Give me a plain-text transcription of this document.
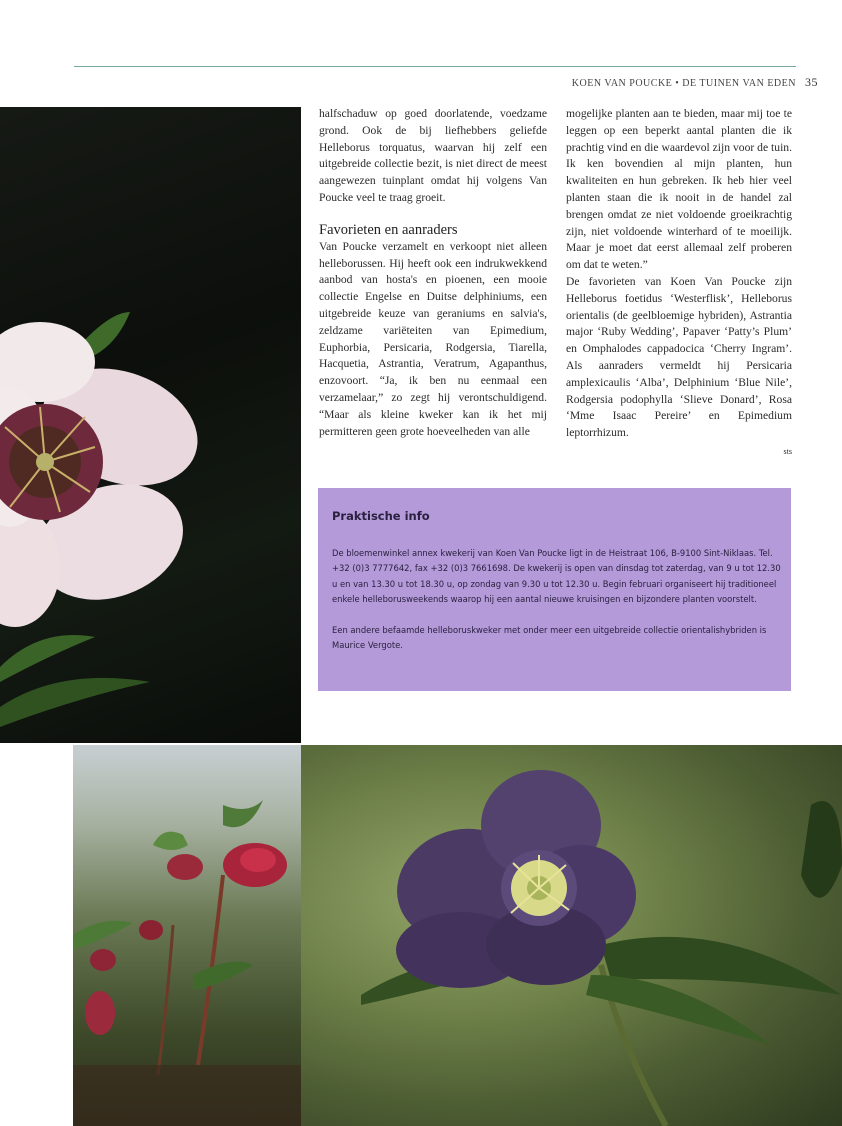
KOEN VAN POUCKE • DE TUINEN VAN EDEN 35

halfschaduw op goed doorlatende, voedzame grond. Ook de bij liefhebbers geliefde Helleborus torquatus, waarvan hij zelf een uitgebreide collectie bezit, is niet direct de meest aangewezen tuinplant omdat hij volgens Van Poucke veel te traag groeit.

Favorieten en aanraders

Van Poucke verzamelt en verkoopt niet alleen helleborussen. Hij heeft ook een indrukwekkend aanbod van hosta's en pioenen, een mooie collectie Engelse en Duitse delphiniums, een uitgebreide keuze van geraniums en salvia's, zeldzame variëteiten van Epimedium, Euphorbia, Persicaria, Rodgersia, Tiarella, Hacquetia, Astrantia, Veratrum, Agapanthus, enzovoort. “Ja, ik ben nu eenmaal een verzamelaar,” zo zegt hij verontschuldigend. “Maar als kleine kweker kan ik het mij permitteren geen grote hoeveelheden van alle

mogelijke planten aan te bieden, maar mij toe te leggen op een beperkt aantal planten die ik prachtig vind en die waardevol zijn voor de tuin. Ik ken bovendien al mijn planten, hun kwaliteiten en hun gebreken. Ik heb hier veel planten staan die ik nooit in de handel zal brengen omdat ze niet voldoende groeikrachtig zijn, niet voldoende winterhard of te moeilijk. Maar je moet dat eerst allemaal zelf proberen om dat te weten.”

De favorieten van Koen Van Poucke zijn Helleborus foetidus ‘Westerflisk’, Helleborus orientalis (de geelbloemige hybriden), Astrantia major ‘Ruby Wedding’, Papaver ‘Patty’s Plum’ en Omphalodes cappadocica ‘Cherry Ingram’. Als aanraders vermeldt hij Persicaria amplexicaulis ‘Alba’, Delphinium ‘Blue Nile’, Rodgersia podophylla ‘Slieve Donard’, Rosa ‘Mme Isaac Pereire’ en Epimedium leptorrhizum.

sts
Praktische info

De bloemenwinkel annex kwekerij van Koen Van Poucke ligt in de Heistraat 106, B-9100 Sint-Niklaas. Tel. +32 (0)3 7777642, fax +32 (0)3 7661698. De kwekerij is open van dinsdag tot zaterdag, van 9 u tot 12.30 u en van 13.30 u tot 18.30 u, op zondag van 9.30 u tot 12.30 u. Begin februari organiseert hij traditioneel enkele helleborusweekends waarop hij een aantal nieuwe kruisingen en bijzondere planten voorstelt.

Een andere befaamde helleboruskweker met onder meer een uitgebreide collectie orientalishybriden is Maurice Vergote.
